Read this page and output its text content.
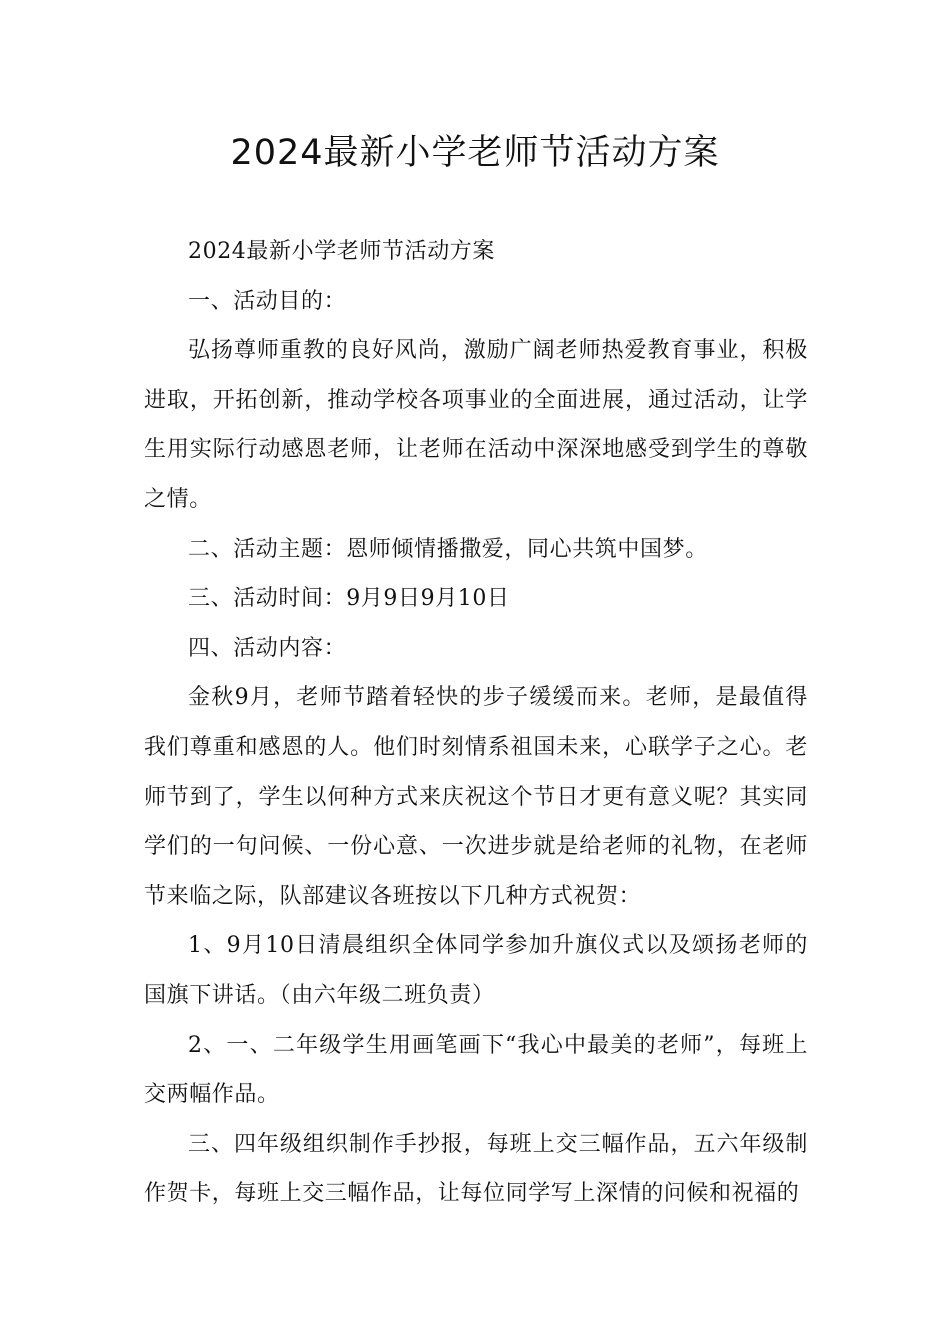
2024最新小学老师节活动方案

2024最新小学老师节活动方案

一、活动目的：

弘扬尊师重教的良好风尚，激励广阔老师热爱教育事业，积极进取，开拓创新，推动学校各项事业的全面进展，通过活动，让学生用实际行动感恩老师，让老师在活动中深深地感受到学生的尊敬之情。

二、活动主题：恩师倾情播撒爱，同心共筑中国梦。

三、活动时间：9月9日9月10日

四、活动内容：

金秋9月，老师节踏着轻快的步子缓缓而来。老师，是最值得我们尊重和感恩的人。他们时刻情系祖国未来，心联学子之心。老师节到了，学生以何种方式来庆祝这个节日才更有意义呢？其实同学们的一句问候、一份心意、一次进步就是给老师的礼物，在老师节来临之际，队部建议各班按以下几种方式祝贺：

1、9月10日清晨组织全体同学参加升旗仪式以及颂扬老师的国旗下讲话。（由六年级二班负责）

2、一、二年级学生用画笔画下“我心中最美的老师”，每班上交两幅作品。

三、四年级组织制作手抄报，每班上交三幅作品，五六年级制作贺卡，每班上交三幅作品，让每位同学写上深情的问候和祝福的
